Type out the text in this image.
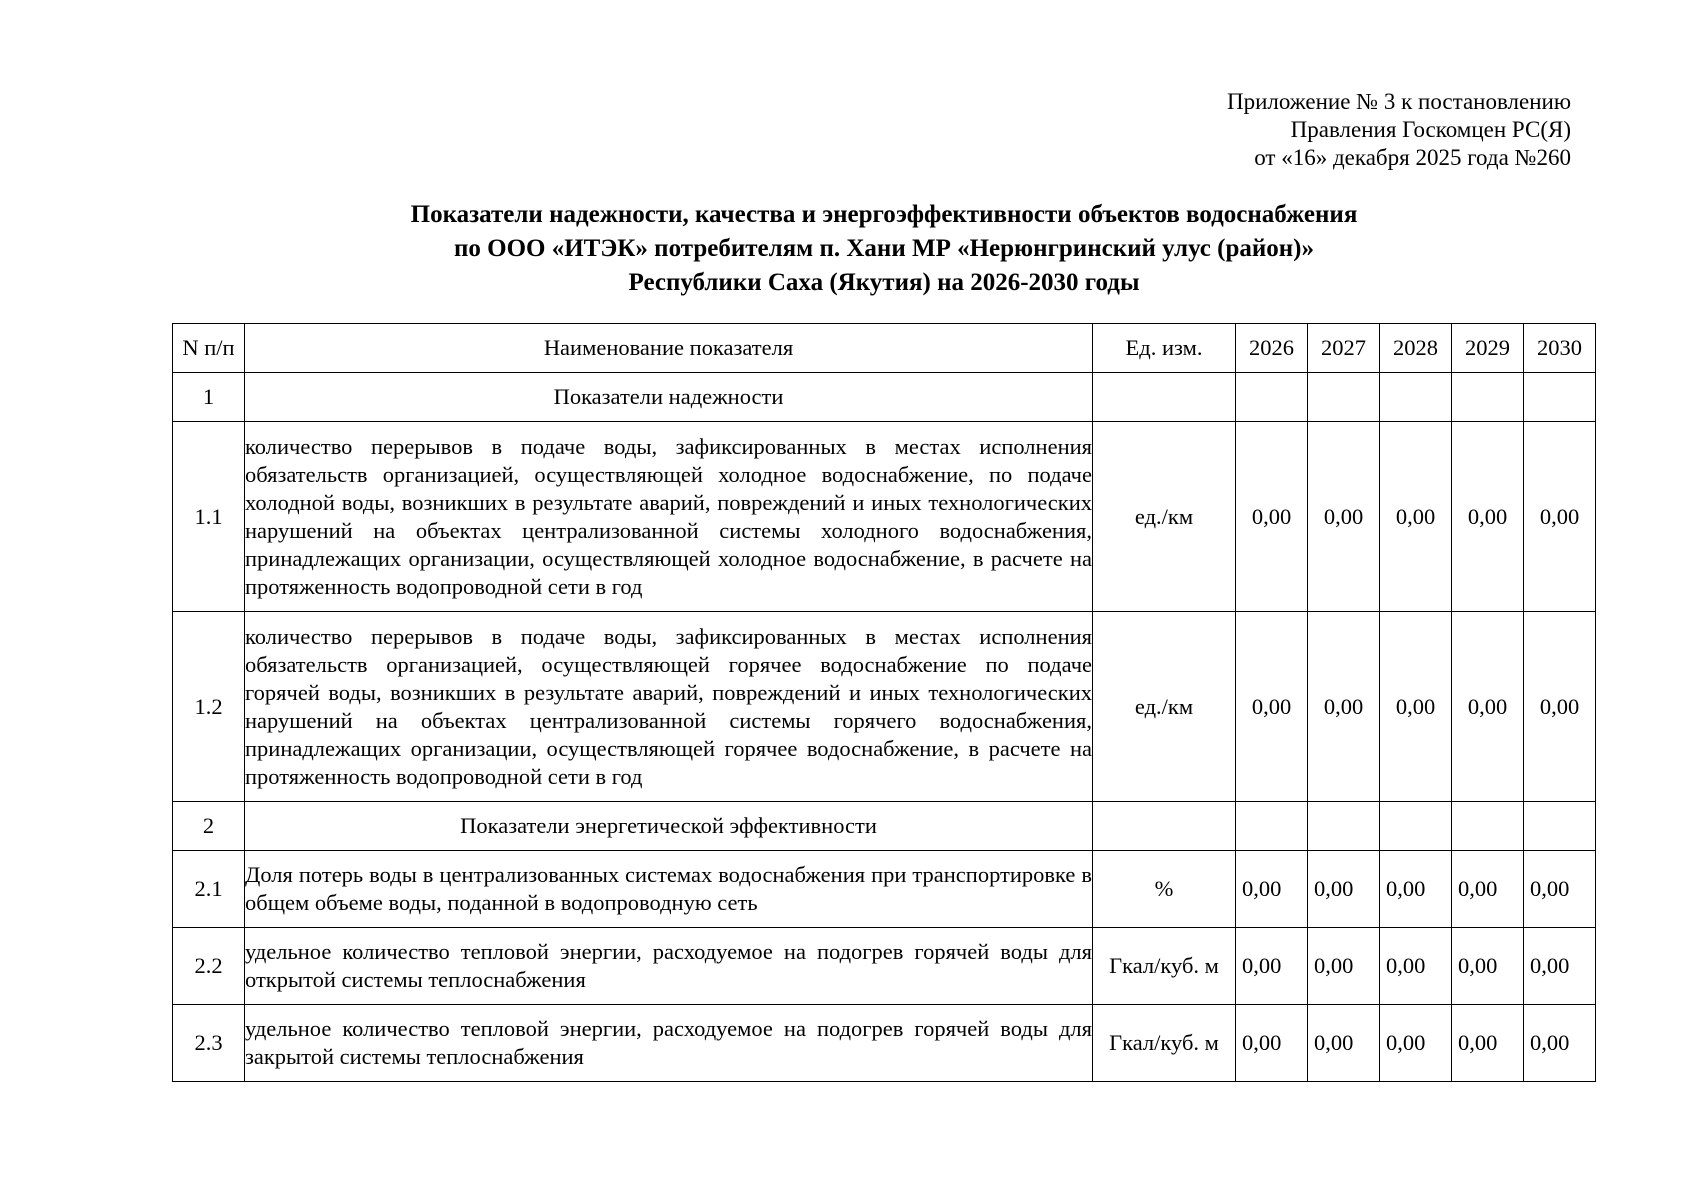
Приложение № 3 к постановлению
Правления Госкомцен РС(Я)
от «16» декабря 2025 года №260
Показатели надежности, качества и энергоэффективности объектов водоснабжения
по ООО «ИТЭК» потребителям п. Хани МР «Нерюнгринский улус (район)»
Республики Саха (Якутия) на 2026-2030 годы
N п/п	Наименование показателя	Ед. изм.	2026	2027	2028	2029	2030
1	Показатели надежности						
1.1	количество перерывов в подаче воды, зафиксированных в местах исполнения обязательств организацией, осуществляющей холодное водоснабжение, по подаче холодной воды, возникших в результате аварий, повреждений и иных технологических нарушений на объектах централизованной системы холодного водоснабжения, принадлежащих организации, осуществляющей холодное водоснабжение, в расчете на протяженность водопроводной сети в год	ед./км	0,00	0,00	0,00	0,00	0,00
1.2	количество перерывов в подаче воды, зафиксированных в местах исполнения обязательств организацией, осуществляющей горячее водоснабжение по подаче горячей воды, возникших в результате аварий, повреждений и иных технологических нарушений на объектах централизованной системы горячего водоснабжения, принадлежащих организации, осуществляющей горячее водоснабжение, в расчете на протяженность водопроводной сети в год	ед./км	0,00	0,00	0,00	0,00	0,00
2	Показатели энергетической эффективности						
2.1	Доля потерь воды в централизованных системах водоснабжения при транспортировке в общем объеме воды, поданной в водопроводную сеть	%	0,00	0,00	0,00	0,00	0,00
2.2	удельное количество тепловой энергии, расходуемое на подогрев горячей воды для открытой системы теплоснабжения	Гкал/куб. м	0,00	0,00	0,00	0,00	0,00
2.3	удельное количество тепловой энергии, расходуемое на подогрев горячей воды для закрытой системы теплоснабжения	Гкал/куб. м	0,00	0,00	0,00	0,00	0,00
